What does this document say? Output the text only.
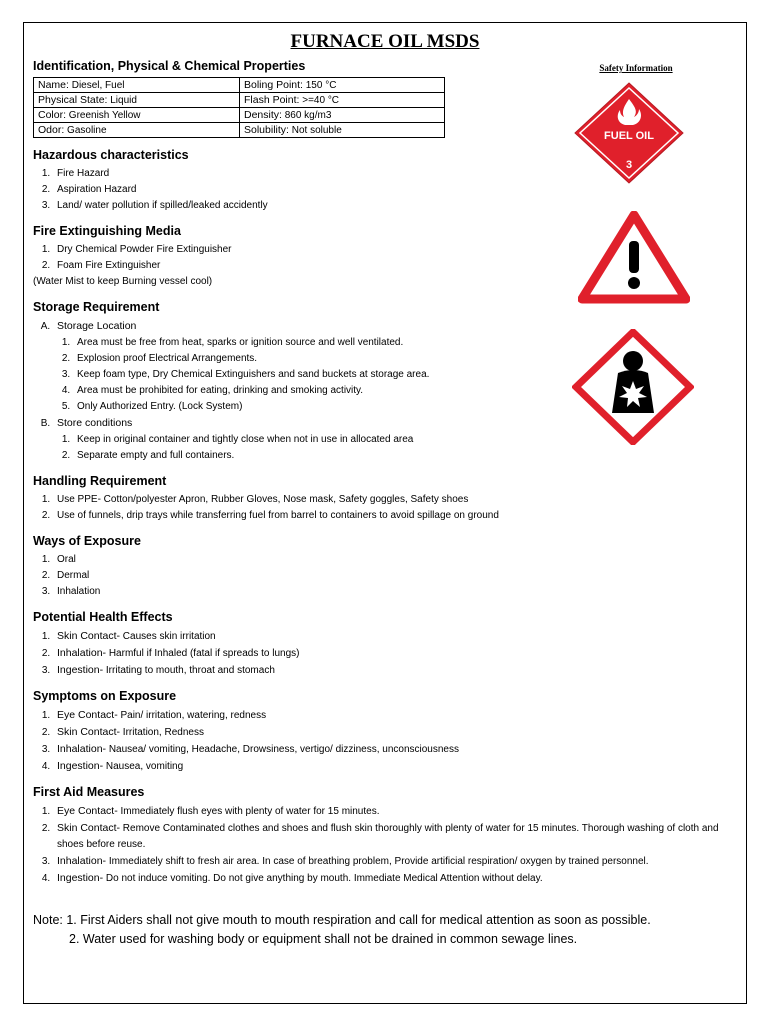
FURNACE OIL MSDS
Safety Information
FUEL OIL
3
Identification, Physical & Chemical Properties
Name: Diesel, Fuel	Boling Point: 150 °C
Physical State: Liquid	Flash Point: >=40 °C
Color: Greenish Yellow	Density: 860 kg/m3
Odor: Gasoline	Solubility: Not soluble
Hazardous characteristics
1. Fire Hazard
2. Aspiration Hazard
3. Land/ water pollution if spilled/leaked accidently
Fire Extinguishing Media
1. Dry Chemical Powder Fire Extinguisher
2. Foam Fire Extinguisher
(Water Mist to keep Burning vessel cool)
Storage Requirement
A. Storage Location
1. Area must be free from heat, sparks or ignition source and well ventilated.
2. Explosion proof Electrical Arrangements.
3. Keep foam type, Dry Chemical Extinguishers and sand buckets at storage area.
4. Area must be prohibited for eating, drinking and smoking activity.
5. Only Authorized Entry. (Lock System)
B. Store conditions
1. Keep in original container and tightly close when not in use in allocated area
2. Separate empty and full containers.
Handling Requirement
1. Use PPE- Cotton/polyester Apron, Rubber Gloves, Nose mask, Safety goggles, Safety shoes
2. Use of funnels, drip trays while transferring fuel from barrel to containers to avoid spillage on ground
Ways of Exposure
1. Oral
2. Dermal
3. Inhalation
Potential Health Effects
1. Skin Contact- Causes skin irritation
2. Inhalation- Harmful if Inhaled (fatal if spreads to lungs)
3. Ingestion- Irritating to mouth, throat and stomach
Symptoms on Exposure
1. Eye Contact- Pain/ irritation, watering, redness
2. Skin Contact- Irritation, Redness
3. Inhalation- Nausea/ vomiting, Headache, Drowsiness, vertigo/ dizziness, unconsciousness
4. Ingestion- Nausea, vomiting
First Aid Measures
1. Eye Contact- Immediately flush eyes with plenty of water for 15 minutes.
2. Skin Contact- Remove Contaminated clothes and shoes and flush skin thoroughly with plenty of water for 15 minutes. Thorough washing of cloth and shoes before reuse.
3. Inhalation- Immediately shift to fresh air area. In case of breathing problem, Provide artificial respiration/ oxygen by trained personnel.
4. Ingestion- Do not induce vomiting. Do not give anything by mouth. Immediate Medical Attention without delay.
Note: 1. First Aiders shall not give mouth to mouth respiration and call for medical attention as soon as possible.
2. Water used for washing body or equipment shall not be drained in common sewage lines.
